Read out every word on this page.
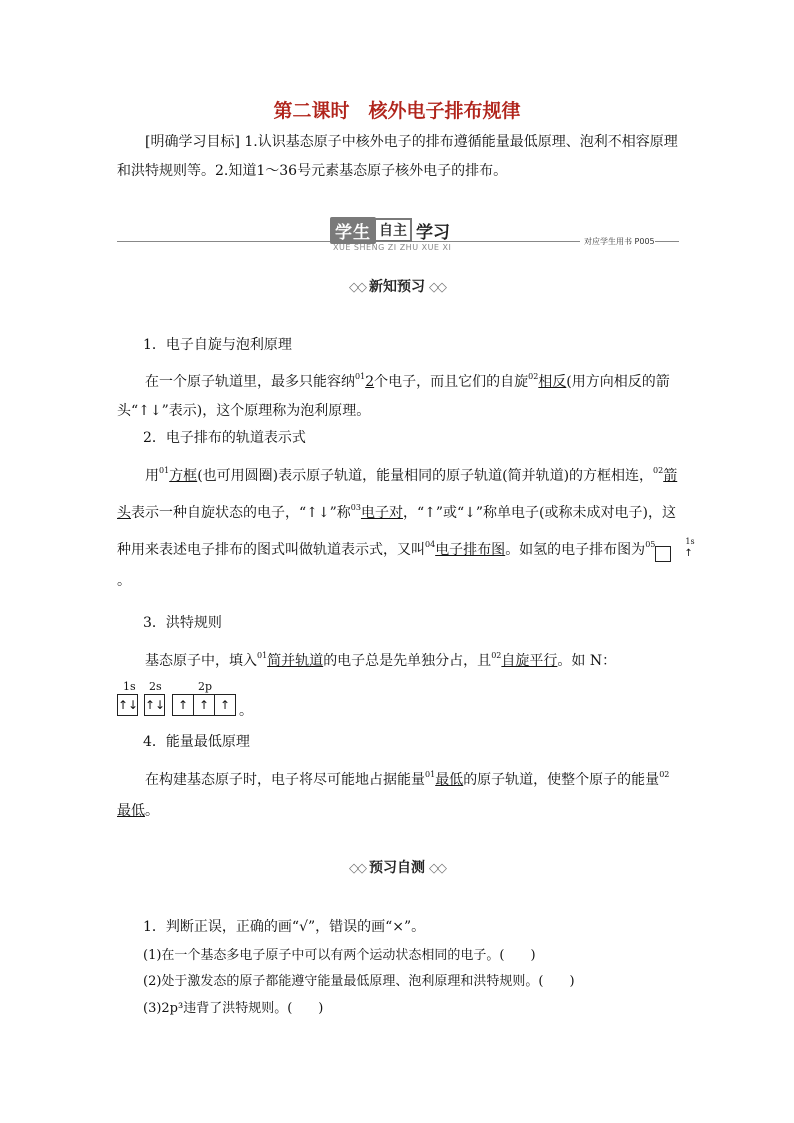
第二课时　核外电子排布规律
[明确学习目标] 1.认识基态原子中核外电子的排布遵循能量最低原理、泡利不相容原理和洪特规则等。2.知道1～36号元素基态原子核外电子的排布。
学生 自主 学习
XUE SHENG ZI ZHU XUE XI
对应学生用书 P005
◇◇ 新知预习 ◇◇
1．电子自旋与泡利原理
在一个原子轨道里，最多只能容纳$^{01}$2个电子，而且它们的自旋$^{02}$相反(用方向相反的箭头“↑↓”表示)，这个原理称为泡利原理。
2．电子排布的轨道表示式
用$^{01}$方框(也可用圆圈)表示原子轨道，能量相同的原子轨道(简并轨道)的方框相连，$^{02}$箭头表示一种自旋状态的电子，“↑↓”称$^{03}$电子对，“↑”或“↓”称单电子(或称未成对电子)，这种用来表述电子排布的图式叫做轨道表示式，又叫$^{04}$电子排布图。如氢的电子排布图为$^{05}$	1s
↑。
3．洪特规则
基态原子中，填入$^{01}$简并轨道的电子总是先单独分占，且$^{02}$自旋平行。如 N：
1s
↑↓
2s
↑↓
2p
↑ ↑ ↑ 。
4．能量最低原理
在构建基态原子时，电子将尽可能地占据能量$^{01}$最低的原子轨道，使整个原子的能量$^{02}$最低。
◇◇ 预习自测 ◇◇
1．判断正误，正确的画“√”，错误的画“×”。
(1)在一个基态多电子原子中可以有两个运动状态相同的电子。(　　)
(2)处于激发态的原子都能遵守能量最低原理、泡利原理和洪特规则。(　　)
(3)2p³违背了洪特规则。(　　)
